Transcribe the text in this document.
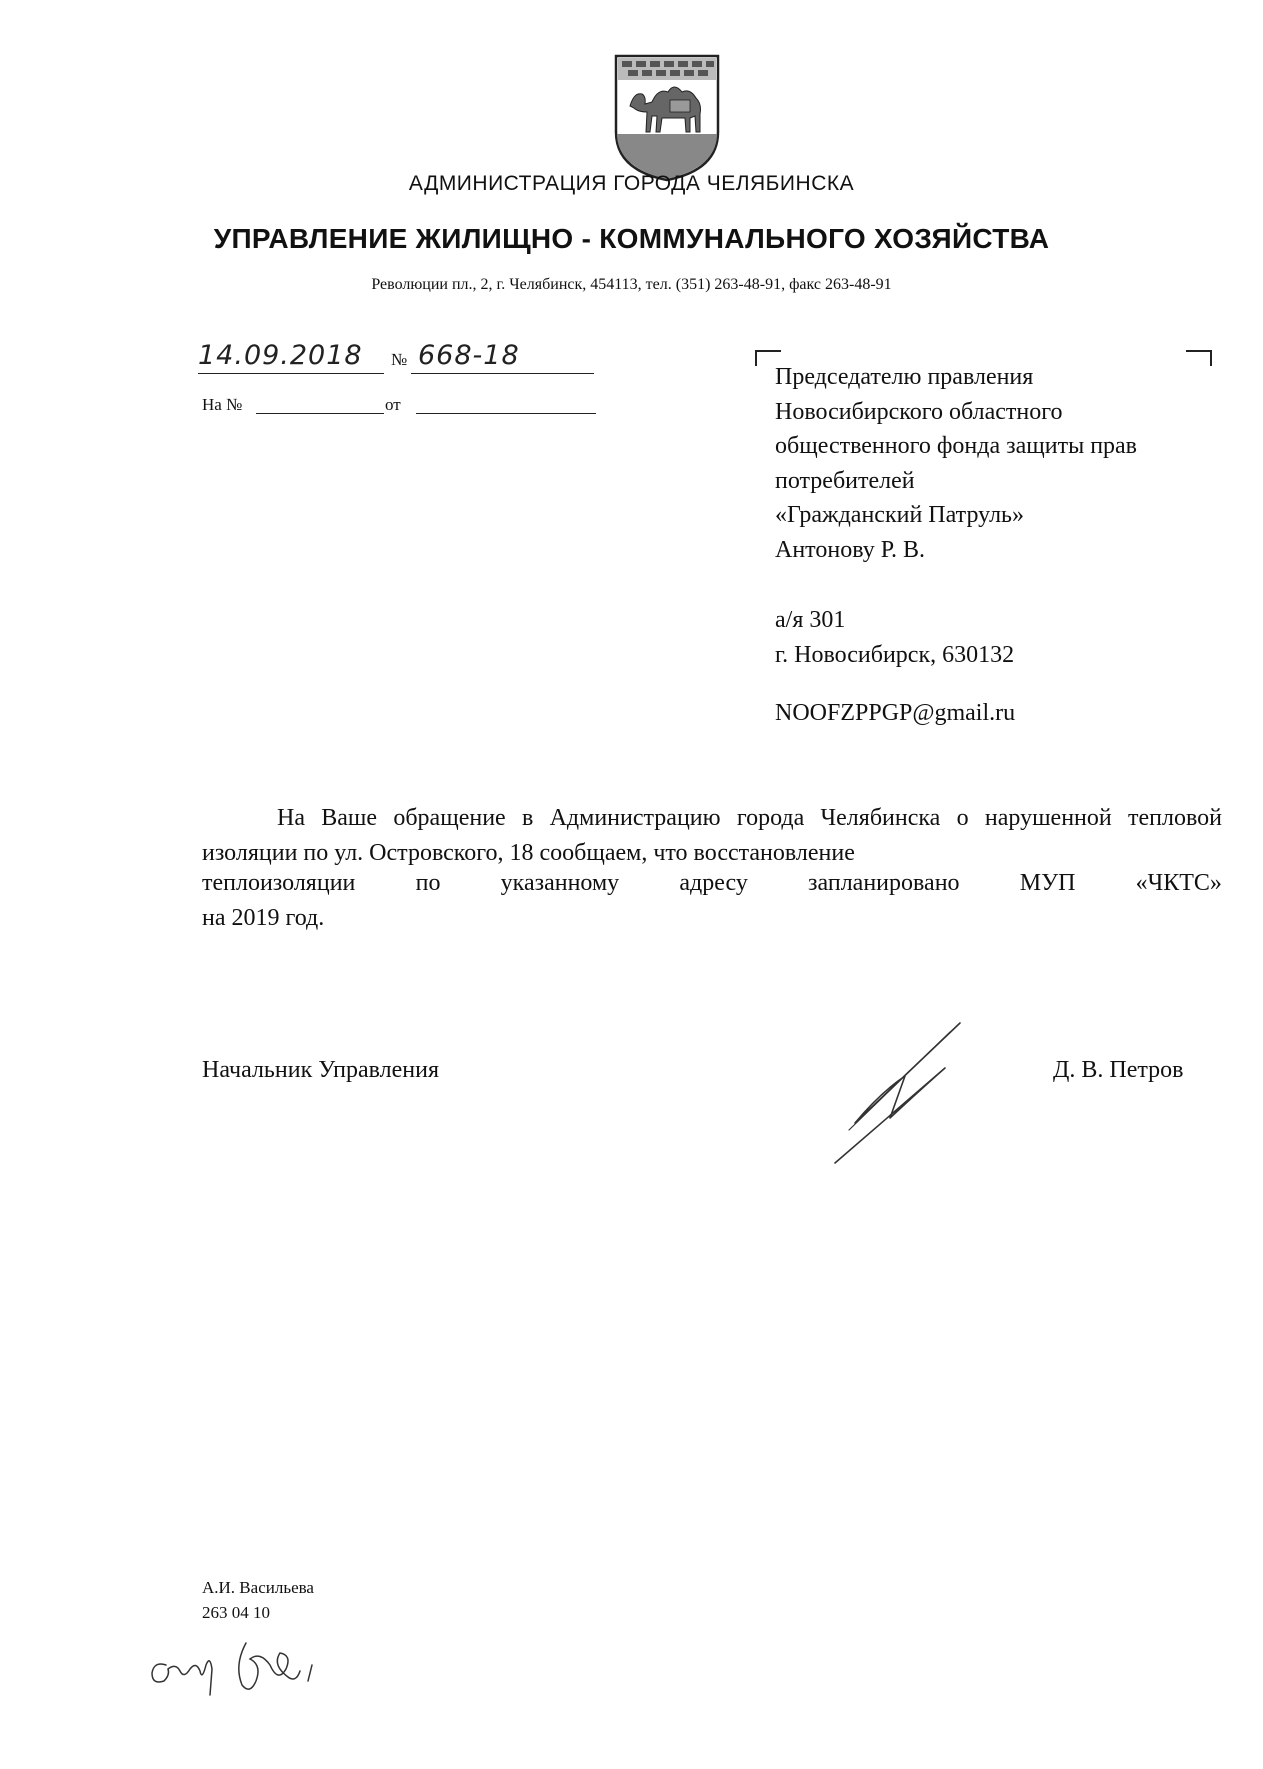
АДМИНИСТРАЦИЯ ГОРОДА ЧЕЛЯБИНСКА
УПРАВЛЕНИЕ ЖИЛИЩНО - КОММУНАЛЬНОГО ХОЗЯЙСТВА
Революции пл., 2, г. Челябинск, 454113, тел. (351) 263-48-91, факс 263-48-91
14.09.2018 № 668-18
На №	от
Председателю правления
Новосибирского областного
общественного фонда защиты прав
потребителей
«Гражданский Патруль»
Антонову Р. В.
а/я 301
г. Новосибирск, 630132
NOOFZPPGP@gmail.ru
На Ваше обращение в Администрацию города Челябинска о нарушенной тепловой изоляции по ул. Островского, 18 сообщаем, что восстановление
теплоизоляции	по	указанному	адресу	запланировано	МУП	«ЧКТС»
на 2019 год.
Начальник Управления	Д. В. Петров
А.И. Васильева
263 04 10
